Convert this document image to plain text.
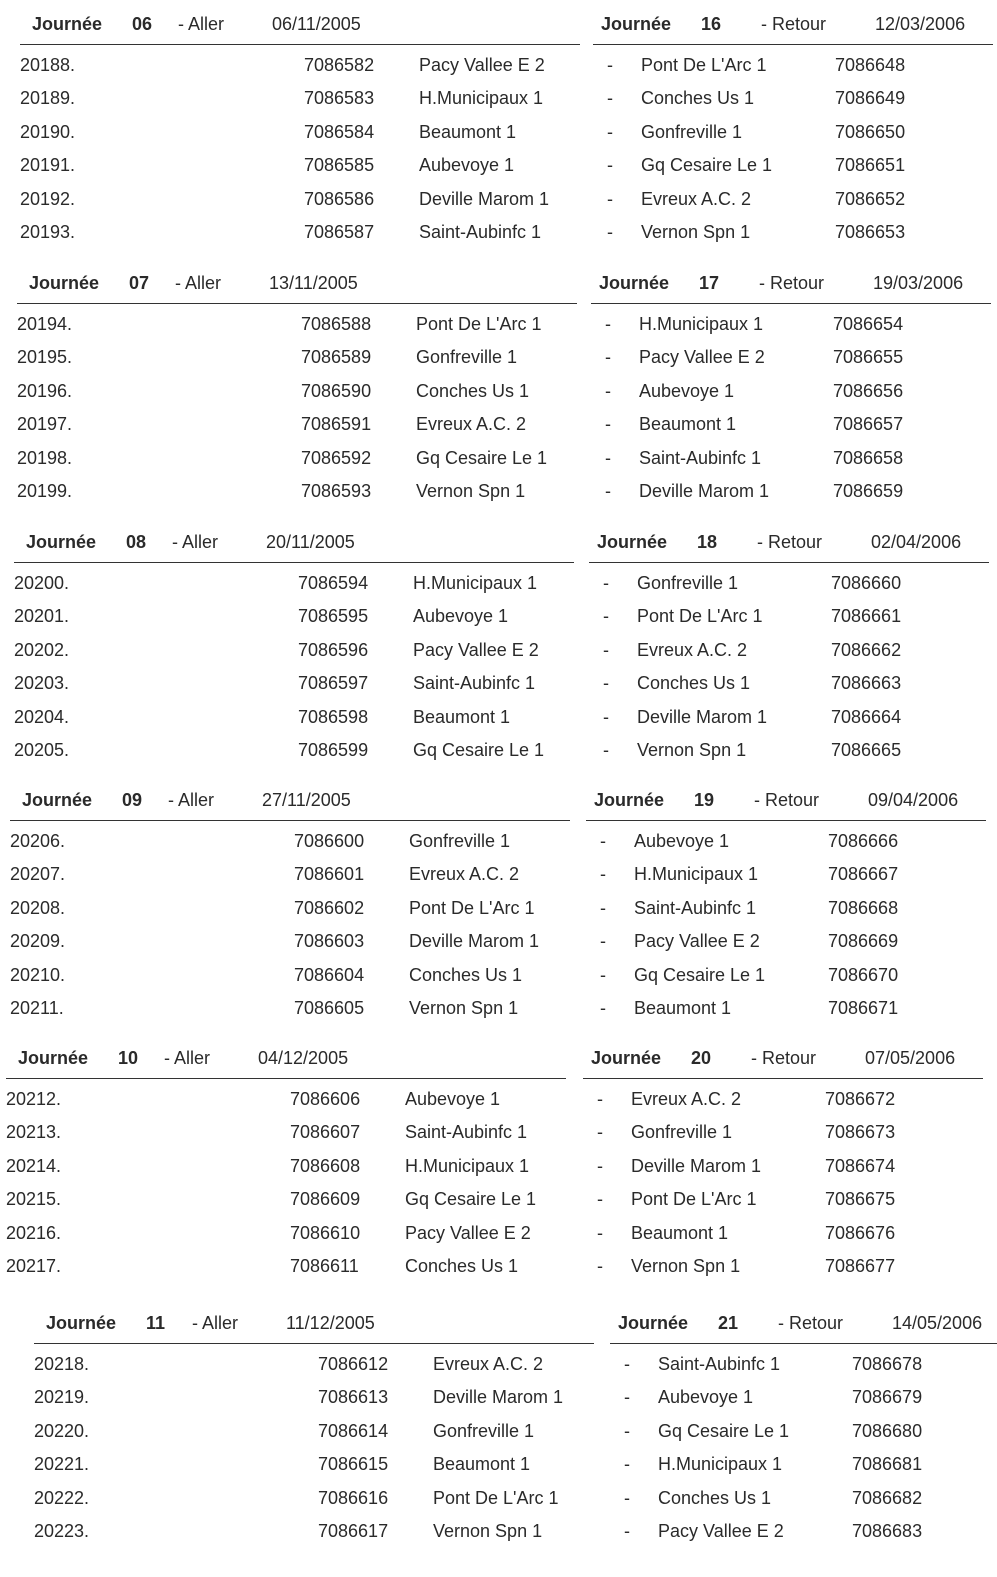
Journée 06 - Aller	06/11/2005
20188.	7086582 Pacy Vallee E 2
20189.	7086583 H.Municipaux 1
20190.	7086584 Beaumont 1
20191.	7086585 Aubevoye 1
20192.	7086586 Deville Marom 1
20193.	7086587 Saint-Aubinfc 1
Journée 16 - Retour	12/03/2006
- Pont De L'Arc 1	7086648
- Conches Us 1	7086649
- Gonfreville 1	7086650
- Gq Cesaire Le 1	7086651
- Evreux A.C. 2	7086652
- Vernon Spn 1	7086653
Journée 07 - Aller	13/11/2005
20194.	7086588 Pont De L'Arc 1
20195.	7086589 Gonfreville 1
20196.	7086590 Conches Us 1
20197.	7086591 Evreux A.C. 2
20198.	7086592 Gq Cesaire Le 1
20199.	7086593 Vernon Spn 1
Journée 17 - Retour	19/03/2006
- H.Municipaux 1	7086654
- Pacy Vallee E 2	7086655
- Aubevoye 1	7086656
- Beaumont 1	7086657
- Saint-Aubinfc 1	7086658
- Deville Marom 1	7086659
Journée 08 - Aller	20/11/2005
20200.	7086594 H.Municipaux 1
20201.	7086595 Aubevoye 1
20202.	7086596 Pacy Vallee E 2
20203.	7086597 Saint-Aubinfc 1
20204.	7086598 Beaumont 1
20205.	7086599 Gq Cesaire Le 1
Journée 18 - Retour	02/04/2006
- Gonfreville 1	7086660
- Pont De L'Arc 1	7086661
- Evreux A.C. 2	7086662
- Conches Us 1	7086663
- Deville Marom 1	7086664
- Vernon Spn 1	7086665
Journée 09 - Aller	27/11/2005
20206.	7086600 Gonfreville 1
20207.	7086601 Evreux A.C. 2
20208.	7086602 Pont De L'Arc 1
20209.	7086603 Deville Marom 1
20210.	7086604 Conches Us 1
20211.	7086605 Vernon Spn 1
Journée 19 - Retour	09/04/2006
- Aubevoye 1	7086666
- H.Municipaux 1	7086667
- Saint-Aubinfc 1	7086668
- Pacy Vallee E 2	7086669
- Gq Cesaire Le 1	7086670
- Beaumont 1	7086671
Journée 10 - Aller	04/12/2005
20212.	7086606 Aubevoye 1
20213.	7086607 Saint-Aubinfc 1
20214.	7086608 H.Municipaux 1
20215.	7086609 Gq Cesaire Le 1
20216.	7086610 Pacy Vallee E 2
20217.	7086611	Conches Us 1
Journée 20 - Retour	07/05/2006
- Evreux A.C. 2	7086672
- Gonfreville 1	7086673
- Deville Marom 1	7086674
- Pont De L'Arc 1	7086675
- Beaumont 1	7086676
- Vernon Spn 1	7086677
Journée 11 - Aller	11/12/2005
20218.	7086612 Evreux A.C. 2
20219.	7086613 Deville Marom 1
20220.	7086614 Gonfreville 1
20221.	7086615 Beaumont 1
20222.	7086616 Pont De L'Arc 1
20223.	7086617 Vernon Spn 1
Journée 21 - Retour	14/05/2006
- Saint-Aubinfc 1	7086678
- Aubevoye 1	7086679
- Gq Cesaire Le 1	7086680
- H.Municipaux 1	7086681
- Conches Us 1	7086682
- Pacy Vallee E 2	7086683
